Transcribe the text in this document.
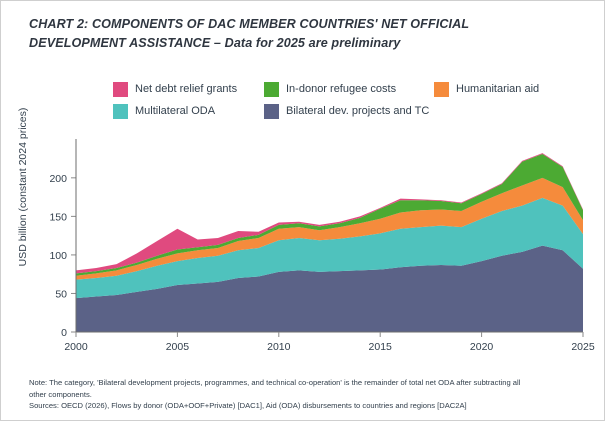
CHART 2: COMPONENTS OF DAC MEMBER COUNTRIES' NET OFFICIAL
DEVELOPMENT ASSISTANCE – Data for 2025 are preliminary
Net debt relief grants	In-donor refugee costs	Humanitarian aid
Multilateral ODA	Bilateral dev. projects and TC
USD billion (constant 2024 prices)
0
50
100
150
200
2000	2005	2010	2015	2020	2025
Note: The category, 'Bilateral development projects, programmes, and technical co-operation' is the remainder of total net ODA after subtracting all
other components.
Sources: OECD (2026), Flows by donor (ODA+OOF+Private) [DAC1], Aid (ODA) disbursements to countries and regions [DAC2A]
